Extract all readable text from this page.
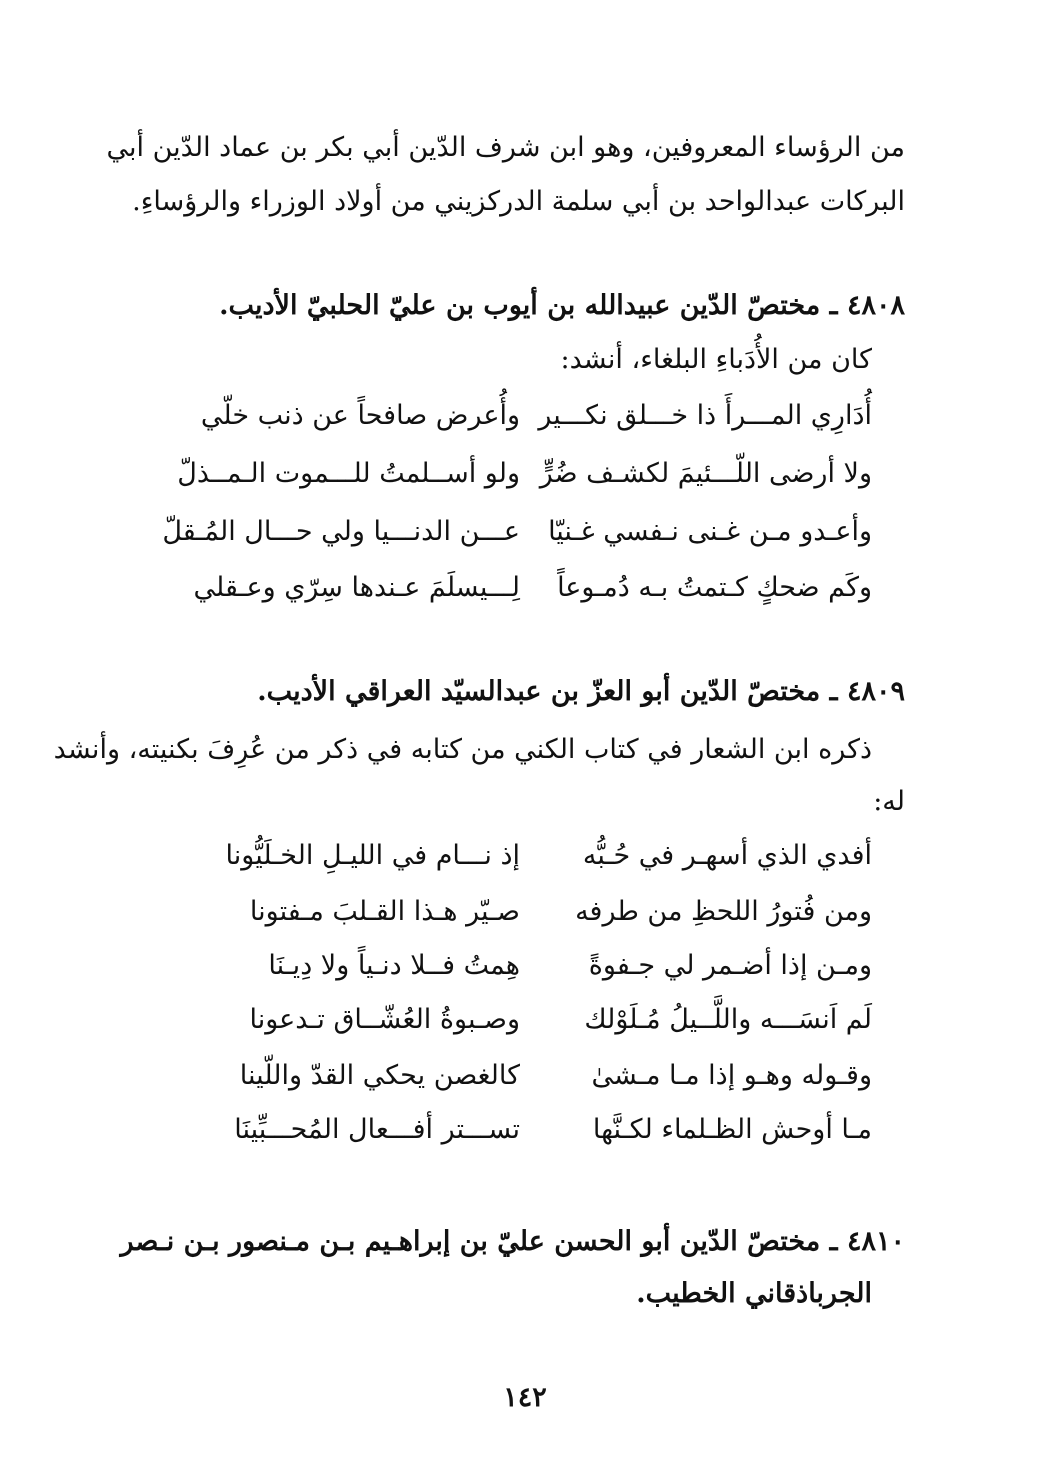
من الرؤساء المعروفين، وهو ابن شرف الدّين أبي بكر بن عماد الدّين أبي
البركات عبدالواحد بن أبي سلمة الدركزيني من أولاد الوزراء والرؤساءِ.
٤٨٠٨ ـ مختصّ الدّين عبيدالله بن أيوب بن عليّ الحلبيّ الأديب.
كان من الأُدَباءِ البلغاء، أنشد:
أُدَارِي المـــرأَ ذا خـــلق نكـــير
وأُعرض صافحاً عن ذنب خلّي
ولا أرضى اللّـــئيمَ لكشـف ضُرٍّ
ولو أســلمتُ للـــموت الـمــذلّ
وأعـدو مـن غـنى نـفسي غـنيّا
عـــن الدنـــيا ولي حـــال المُـقلّ
وكَم ضحكٍ كـتمتُ بـه دُمـوعاً
لِـــيسلَمَ عـندها سِرّي وعـقلي
٤٨٠٩ ـ مختصّ الدّين أبو العزّ بن عبدالسيّد العراقي الأديب.
ذكره ابن الشعار في كتاب الكني من كتابه في ذكر من عُرِفَ بكنيته، وأنشد
له:
أفدي الذي أسهـر في حُـبُّه
إذ نـــام في الليـلِ الخـلَيُّونا
ومن فُتورُ اللحظِ من طرفه
صـيّر هـذا القـلبَ مـفتونا
ومـن إذا أضـمر لي جـفوةً
هِمتُ فــلا دنـياً ولا دِيـنَا
لَم اَنسَـــه واللَّــيلُ مُـلَوْلك
وصـبوةُ العُشّــاق تـدعونا
وقـوله وهـو إذا مـا مـشىٰ
كالغصن يحكي القدّ واللّينا
مـا أوحش الظـلماء لكـنَّها
تســـتر أفـــعال المُحـــبِّينَا
٤٨١٠ ـ مختصّ الدّين أبو الحسن عليّ بن إبراهـيم بـن مـنصور بـن نـصر
الجرباذقاني الخطيب.
١٤٢
